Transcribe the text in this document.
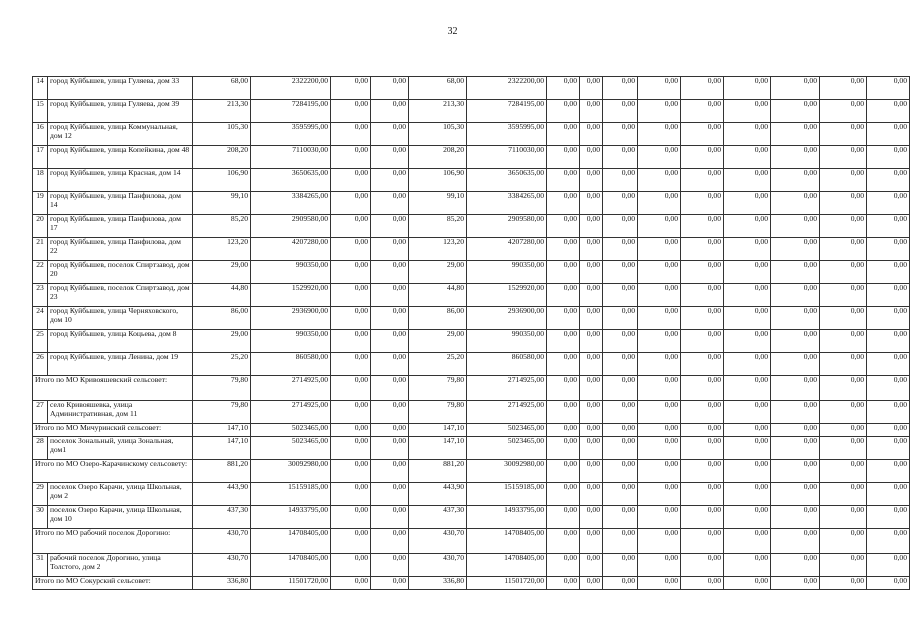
32
14	город Куйбышев, улица Гуляева, дом 33	68,00	2322200,00	0,00	0,00	68,00	2322200,00	0,00	0,00	0,00	0,00	0,00	0,00	0,00	0,00	0,00
15	город Куйбышев, улица Гуляева, дом 39	213,30	7284195,00	0,00	0,00	213,30	7284195,00	0,00	0,00	0,00	0,00	0,00	0,00	0,00	0,00	0,00
16	город Куйбышев, улица Коммунальная, дом 12	105,30	3595995,00	0,00	0,00	105,30	3595995,00	0,00	0,00	0,00	0,00	0,00	0,00	0,00	0,00	0,00
17	город Куйбышев, улица Копейкина, дом 48	208,20	7110030,00	0,00	0,00	208,20	7110030,00	0,00	0,00	0,00	0,00	0,00	0,00	0,00	0,00	0,00
18	город Куйбышев, улица Красная, дом 14	106,90	3650635,00	0,00	0,00	106,90	3650635,00	0,00	0,00	0,00	0,00	0,00	0,00	0,00	0,00	0,00
19	город Куйбышев, улица Панфилова, дом 14	99,10	3384265,00	0,00	0,00	99,10	3384265,00	0,00	0,00	0,00	0,00	0,00	0,00	0,00	0,00	0,00
20	город Куйбышев, улица Панфилова, дом 17	85,20	2909580,00	0,00	0,00	85,20	2909580,00	0,00	0,00	0,00	0,00	0,00	0,00	0,00	0,00	0,00
21	город Куйбышев, улица Панфилова, дом 22	123,20	4207280,00	0,00	0,00	123,20	4207280,00	0,00	0,00	0,00	0,00	0,00	0,00	0,00	0,00	0,00
22	город Куйбышев, поселок Спиртзавод, дом 20	29,00	990350,00	0,00	0,00	29,00	990350,00	0,00	0,00	0,00	0,00	0,00	0,00	0,00	0,00	0,00
23	город Куйбышев, поселок Спиртзавод, дом 23	44,80	1529920,00	0,00	0,00	44,80	1529920,00	0,00	0,00	0,00	0,00	0,00	0,00	0,00	0,00	0,00
24	город Куйбышев, улица Черняховского, дом 10	86,00	2936900,00	0,00	0,00	86,00	2936900,00	0,00	0,00	0,00	0,00	0,00	0,00	0,00	0,00	0,00
25	город Куйбышев, улица Коцьева, дом 8	29,00	990350,00	0,00	0,00	29,00	990350,00	0,00	0,00	0,00	0,00	0,00	0,00	0,00	0,00	0,00
26	город Куйбышев, улица Ленина, дом 19	25,20	860580,00	0,00	0,00	25,20	860580,00	0,00	0,00	0,00	0,00	0,00	0,00	0,00	0,00	0,00
Итого по МО Кривояшевский сельсовет:		79,80	2714925,00	0,00	0,00	79,80	2714925,00	0,00	0,00	0,00	0,00	0,00	0,00	0,00	0,00	0,00
27	село Кривояшевка, улица Административная, дом 11	79,80	2714925,00	0,00	0,00	79,80	2714925,00	0,00	0,00	0,00	0,00	0,00	0,00	0,00	0,00	0,00
Итого по МО Мичуринский сельсовет:		147,10	5023465,00	0,00	0,00	147,10	5023465,00	0,00	0,00	0,00	0,00	0,00	0,00	0,00	0,00	0,00
28	поселок Зональный, улица Зональная, дом1	147,10	5023465,00	0,00	0,00	147,10	5023465,00	0,00	0,00	0,00	0,00	0,00	0,00	0,00	0,00	0,00
Итого по МО Озеро-Карачинскому сельсовету:		881,20	30092980,00	0,00	0,00	881,20	30092980,00	0,00	0,00	0,00	0,00	0,00	0,00	0,00	0,00	0,00
29	поселок Озеро Карачи, улица Школьная, дом 2	443,90	15159185,00	0,00	0,00	443,90	15159185,00	0,00	0,00	0,00	0,00	0,00	0,00	0,00	0,00	0,00
30	поселок Озеро Карачи, улица Школьная, дом 10	437,30	14933795,00	0,00	0,00	437,30	14933795,00	0,00	0,00	0,00	0,00	0,00	0,00	0,00	0,00	0,00
Итого по МО рабочий поселок Дорогино:		430,70	14708405,00	0,00	0,00	430,70	14708405,00	0,00	0,00	0,00	0,00	0,00	0,00	0,00	0,00	0,00
31	рабочий поселок Дорогино, улица Толстого, дом 2	430,70	14708405,00	0,00	0,00	430,70	14708405,00	0,00	0,00	0,00	0,00	0,00	0,00	0,00	0,00	0,00
Итого по МО Сокурский сельсовет:		336,80	11501720,00	0,00	0,00	336,80	11501720,00	0,00	0,00	0,00	0,00	0,00	0,00	0,00	0,00	0,00
